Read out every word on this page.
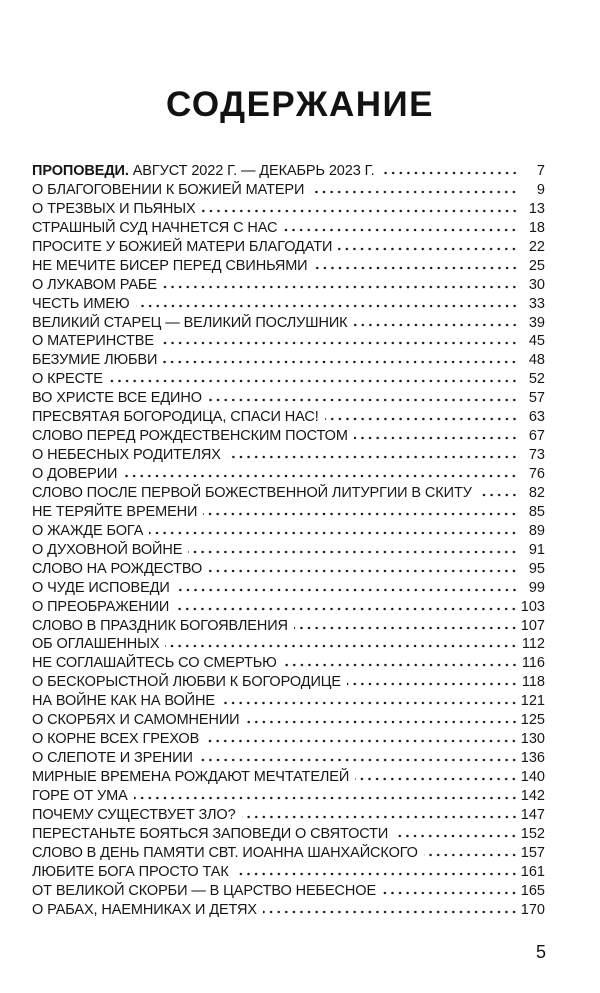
СОДЕРЖАНИЕ
ПРОПОВЕДИ. АВГУСТ 2022 Г. — ДЕКАБРЬ 2023 Г.	7
О БЛАГОГОВЕНИИ К БОЖИЕЙ МАТЕРИ	9
О ТРЕЗВЫХ И ПЬЯНЫХ	13
СТРАШНЫЙ СУД НАЧНЕТСЯ С НАС	18
ПРОСИТЕ У БОЖИЕЙ МАТЕРИ БЛАГОДАТИ	22
НЕ МЕЧИТЕ БИСЕР ПЕРЕД СВИНЬЯМИ	25
О ЛУКАВОМ РАБЕ	30
ЧЕСТЬ ИМЕЮ	33
ВЕЛИКИЙ СТАРЕЦ — ВЕЛИКИЙ ПОСЛУШНИК	39
О МАТЕРИНСТВЕ	45
БЕЗУМИЕ ЛЮБВИ	48
О КРЕСТЕ	52
ВО ХРИСТЕ ВСЕ ЕДИНО	57
ПРЕСВЯТАЯ БОГОРОДИЦА, СПАСИ НАС!	63
СЛОВО ПЕРЕД РОЖДЕСТВЕНСКИМ ПОСТОМ	67
О НЕБЕСНЫХ РОДИТЕЛЯХ	73
О ДОВЕРИИ	76
СЛОВО ПОСЛЕ ПЕРВОЙ БОЖЕСТВЕННОЙ ЛИТУРГИИ В СКИТУ	82
НЕ ТЕРЯЙТЕ ВРЕМЕНИ	85
О ЖАЖДЕ БОГА	89
О ДУХОВНОЙ ВОЙНЕ	91
СЛОВО НА РОЖДЕСТВО	95
О ЧУДЕ ИСПОВЕДИ	99
О ПРЕОБРАЖЕНИИ	103
СЛОВО В ПРАЗДНИК БОГОЯВЛЕНИЯ	107
ОБ ОГЛАШЕННЫХ	112
НЕ СОГЛАШАЙТЕСЬ СО СМЕРТЬЮ	116
О БЕСКОРЫСТНОЙ ЛЮБВИ К БОГОРОДИЦЕ	118
НА ВОЙНЕ КАК НА ВОЙНЕ	121
О СКОРБЯХ И САМОМНЕНИИ	125
О КОРНЕ ВСЕХ ГРЕХОВ	130
О СЛЕПОТЕ И ЗРЕНИИ	136
МИРНЫЕ ВРЕМЕНА РОЖДАЮТ МЕЧТАТЕЛЕЙ	140
ГОРЕ ОТ УМА	142
ПОЧЕМУ СУЩЕСТВУЕТ ЗЛО?	147
ПЕРЕСТАНЬТЕ БОЯТЬСЯ ЗАПОВЕДИ О СВЯТОСТИ	152
СЛОВО В ДЕНЬ ПАМЯТИ СВТ. ИОАННА ШАНХАЙСКОГО	157
ЛЮБИТЕ БОГА ПРОСТО ТАК	161
ОТ ВЕЛИКОЙ СКОРБИ — В ЦАРСТВО НЕБЕСНОЕ	165
О РАБАХ, НАЕМНИКАХ И ДЕТЯХ	170
5
